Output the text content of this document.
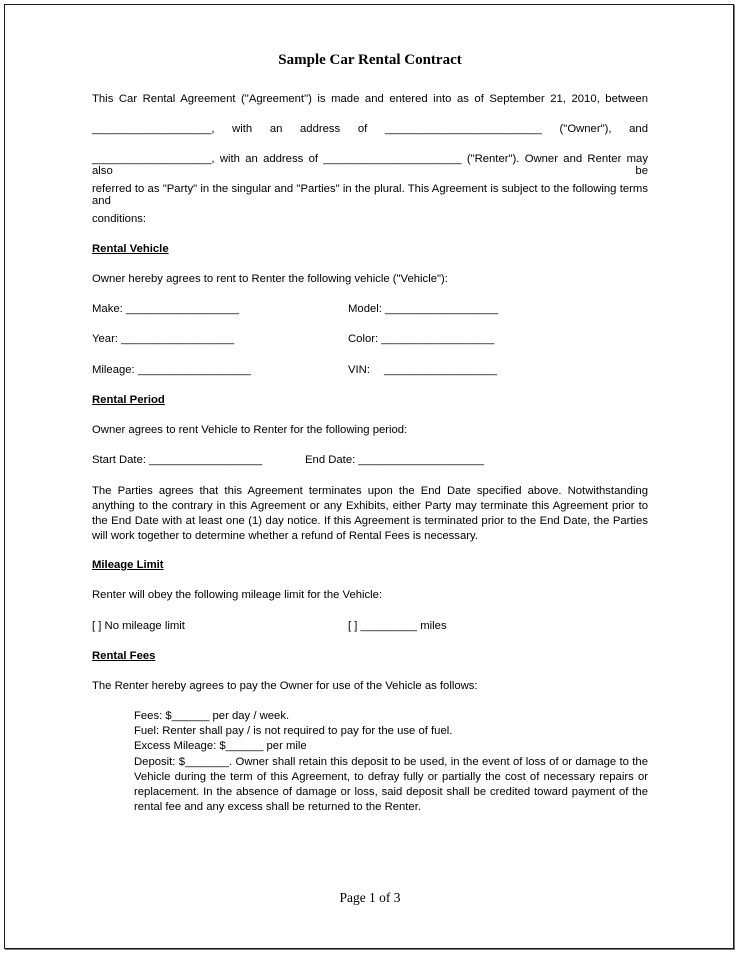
Sample Car Rental Contract
This Car Rental Agreement ("Agreement") is made and entered into as of September 21, 2010, between
___________________, with an address of _________________________ ("Owner"), and
___________________, with an address of ______________________ ("Renter"). Owner and Renter may also be
referred to as "Party" in the singular and "Parties" in the plural. This Agreement is subject to the following terms and
conditions:
Rental Vehicle
Owner hereby agrees to rent to Renter the following vehicle ("Vehicle"):
Make: __________________	Model: __________________
Year: __________________	Color: __________________
Mileage: __________________	VIN: __________________
Rental Period
Owner agrees to rent Vehicle to Renter for the following period:
Start Date: __________________	End Date: ____________________
The Parties agrees that this Agreement terminates upon the End Date specified above. Notwithstanding anything to the contrary in this Agreement or any Exhibits, either Party may terminate this Agreement prior to the End Date with at least one (1) day notice. If this Agreement is terminated prior to the End Date, the Parties will work together to determine whether a refund of Rental Fees is necessary.
Mileage Limit
Renter will obey the following mileage limit for the Vehicle:
[ ] No mileage limit	[ ] _________ miles
Rental Fees
The Renter hereby agrees to pay the Owner for use of the Vehicle as follows:
Fees: $______ per day / week.
Fuel: Renter shall pay / is not required to pay for the use of fuel.
Excess Mileage: $______ per mile
Deposit: $_______. Owner shall retain this deposit to be used, in the event of loss of or damage to the Vehicle during the term of this Agreement, to defray fully or partially the cost of necessary repairs or replacement. In the absence of damage or loss, said deposit shall be credited toward payment of the rental fee and any excess shall be returned to the Renter.
Page 1 of 3
